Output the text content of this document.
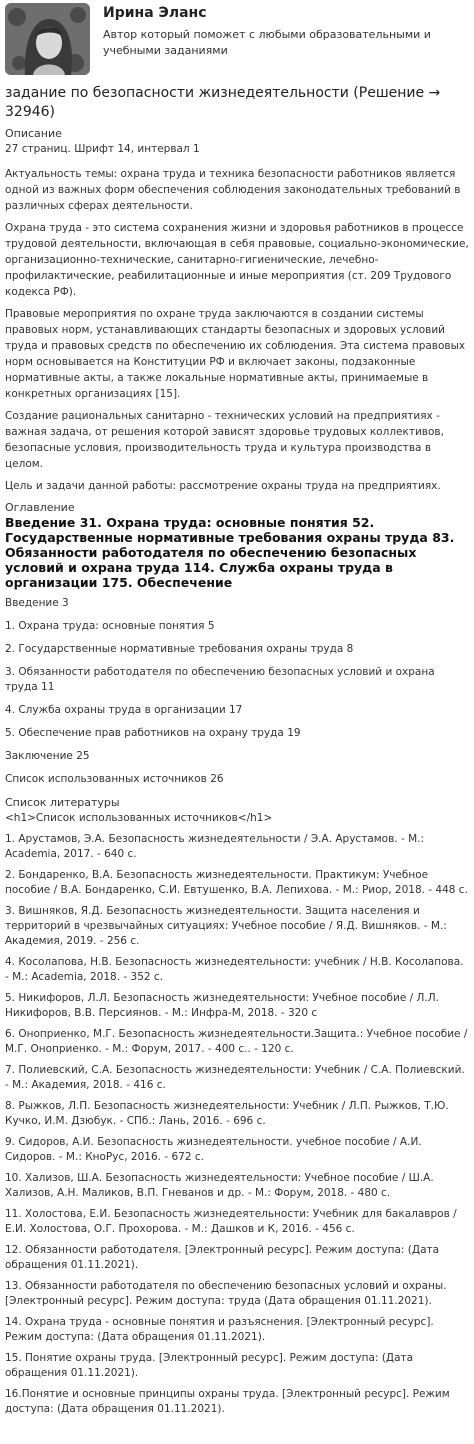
Ирина Эланс
Автор который поможет с любыми образовательными и учебными заданиями
задание по безопасности жизнедеятельности (Решение → 32946)
Описание
27 страниц. Шрифт 14, интервал 1
Актуальность темы: охрана труда и техника безопасности работников является одной из важных форм обеспечения соблюдения законодательных требований в различных сферах деятельности.
Охрана труда - это система сохранения жизни и здоровья работников в процессе трудовой деятельности, включающая в себя правовые, социально-экономические, организационно-технические, санитарно-гигиенические, лечебно-профилактические, реабилитационные и иные мероприятия (ст. 209 Трудового кодекса РФ).
Правовые мероприятия по охране труда заключаются в создании системы правовых норм, устанавливающих стандарты безопасных и здоровых условий труда и правовых средств по обеспечению их соблюдения. Эта система правовых норм основывается на Конституции РФ и включает законы, подзаконные нормативные акты, а также локальные нормативные акты, принимаемые в конкретных организациях [15].
Создание рациональных санитарно - технических условий на предприятиях - важная задача, от решения которой зависят здоровье трудовых коллективов, безопасные условия, производительность труда и культура производства в целом.
Цель и задачи данной работы: рассмотрение охраны труда на предприятиях.
Оглавление
Введение 31. Охрана труда: основные понятия 52. Государственные нормативные требования охраны труда 83. Обязанности работодателя по обеспечению безопасных условий и охрана труда 114. Служба охраны труда в организации 175. Обеспечение
Введение 3
1. Охрана труда: основные понятия 5
2. Государственные нормативные требования охраны труда 8
3. Обязанности работодателя по обеспечению безопасных условий и охрана труда 11
4. Служба охраны труда в организации 17
5. Обеспечение прав работников на охрану труда 19
Заключение 25
Список использованных источников 26
Список литературы
<h1>Список использованных источников</h1>
1. Арустамов, Э.А. Безопасность жизнедеятельности / Э.А. Арустамов. - М.: Academia, 2017. - 640 с.
2. Бондаренко, В.А. Безопасность жизнедеятельности. Практикум: Учебное пособие / В.А. Бондаренко, С.И. Евтушенко, В.А. Лепихова. - М.: Риор, 2018. - 448 с.
3. Вишняков, Я.Д. Безопасность жизнедеятельности. Защита населения и территорий в чрезвычайных ситуациях: Учебное пособие / Я.Д. Вишняков. - М.: Академия, 2019. - 256 с.
4. Косолапова, Н.В. Безопасность жизнедеятельности: учебник / Н.В. Косолапова. - М.: Academia, 2018. - 352 с.
5. Никифоров, Л.Л. Безопасность жизнедеятельности: Учебное пособие / Л.Л. Никифоров, В.В. Персиянов. - М.: Инфра-М, 2018. - 320 с
6. Оноприенко, М.Г. Безопасность жизнедеятельности.Защита.: Учебное пособие / М.Г. Оноприенко. - М.: Форум, 2017. - 400 с.. - 120 с.
7. Полиевский, С.А. Безопасность жизнедеятельности: Учебник / С.А. Полиевский. - М.: Академия, 2018. - 416 с.
8. Рыжков, Л.П. Безопасность жизнедеятельности: Учебник / Л.П. Рыжков, Т.Ю. Кучко, И.М. Дзюбук. - СПб.: Лань, 2016. - 696 с.
9. Сидоров, А.И. Безопасность жизнедеятельности. учебное пособие / А.И. Сидоров. - М.: КноРус, 2016. - 672 с.
10. Хализов, Ш.А. Безопасность жизнедеятельности: Учебное пособие / Ш.А. Хализов, А.Н. Маликов, В.П. Гневанов и др. - М.: Форум, 2018. - 480 с.
11. Холостова, Е.И. Безопасность жизнедеятельности: Учебник для бакалавров / Е.И. Холостова, О.Г. Прохорова. - М.: Дашков и К, 2016. - 456 с.
12. Обязанности работодателя. [Электронный ресурс]. Режим доступа: (Дата обращения 01.11.2021).
13. Обязанности работодателя по обеспечению безопасных условий и охраны. [Электронный ресурс]. Режим доступа: труда (Дата обращения 01.11.2021).
14. Охрана труда - основные понятия и разъяснения. [Электронный ресурс]. Режим доступа: (Дата обращения 01.11.2021).
15. Понятие охраны труда. [Электронный ресурс]. Режим доступа: (Дата обращения 01.11.2021).
16.Понятие и основные принципы охраны труда. [Электронный ресурс]. Режим доступа: (Дата обращения 01.11.2021).
